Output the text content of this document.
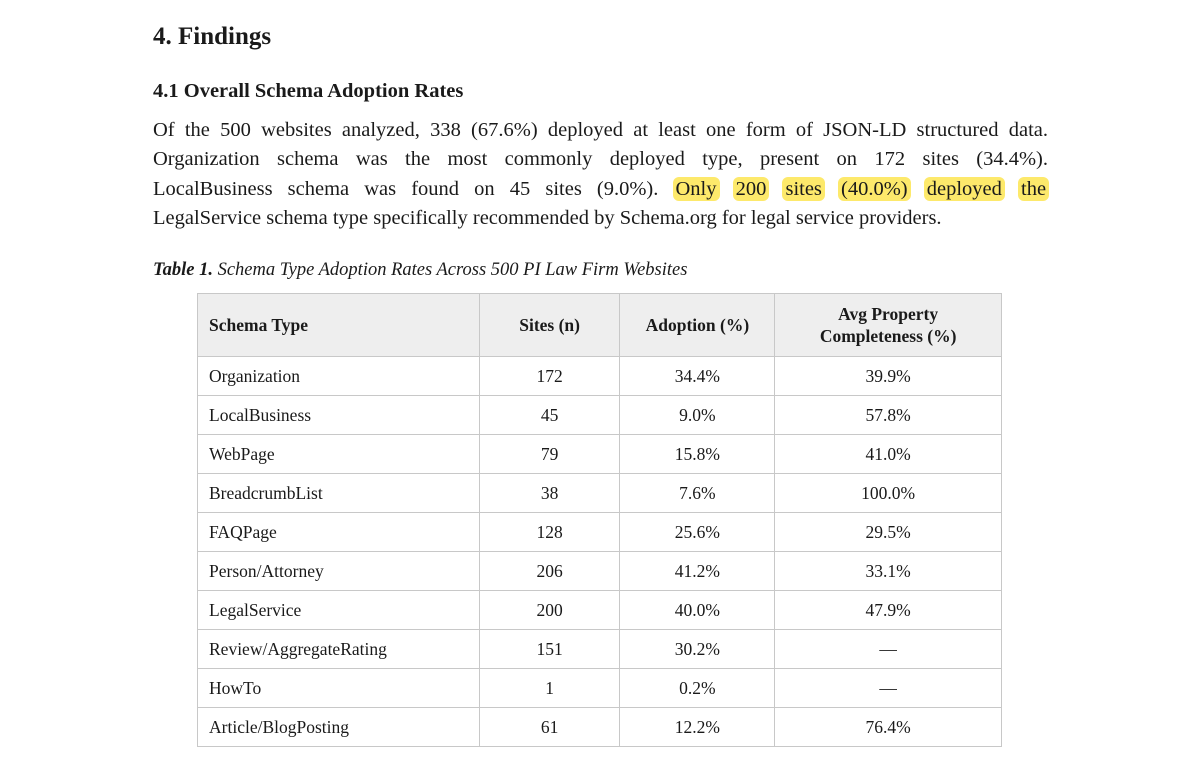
4. Findings
4.1 Overall Schema Adoption Rates

Of the 500 websites analyzed, 338 (67.6%) deployed at least one form of JSON-LD structured data.
Organization schema was the most commonly deployed type, present on 172 sites (34.4%).
LocalBusiness schema was found on 45 sites (9.0%). Only 200 sites (40.0%) deployed the
LegalService schema type specifically recommended by Schema.org for legal service providers.

Table 1. Schema Type Adoption Rates Across 500 PI Law Firm Websites

Schema Type	Sites (n)	Adoption (%)	Avg Property
Completeness (%)
Organization	172	34.4%	39.9%
LocalBusiness	45	9.0%	57.8%
WebPage	79	15.8%	41.0%
BreadcrumbList	38	7.6%	100.0%
FAQPage	128	25.6%	29.5%
Person/Attorney	206	41.2%	33.1%
LegalService	200	40.0%	47.9%
Review/AggregateRating	151	30.2%	—
HowTo	1	0.2%	—
Article/BlogPosting	61	12.2%	76.4%
